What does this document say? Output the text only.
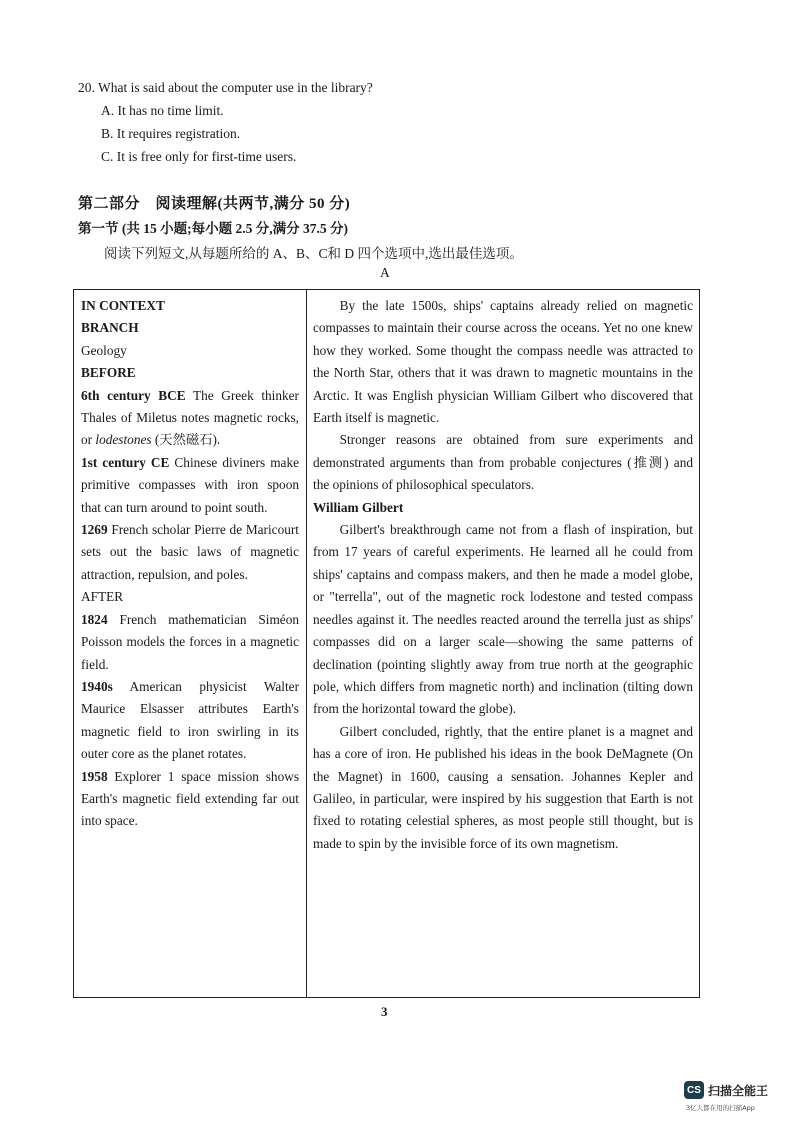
20. What is said about the computer use in the library?
A. It has no time limit.
B. It requires registration.
C. It is free only for first-time users.
第二部分　阅读理解(共两节,满分 50 分)
第一节 (共 15 小题;每小题 2.5 分,满分 37.5 分)
阅读下列短文,从每题所给的 A、B、C和 D 四个选项中,选出最佳选项。
A
IN CONTEXT
BRANCH
Geology
BEFORE
6th century BCE The Greek thinker Thales of Miletus notes magnetic rocks, or lodestones (天然磁石).
1st century CE Chinese diviners make primitive compasses with iron spoon that can turn around to point south.
1269 French scholar Pierre de Maricourt sets out the basic laws of magnetic attraction, repulsion, and poles.
AFTER
1824 French mathematician Siméon Poisson models the forces in a magnetic field.
1940s American physicist Walter Maurice Elsasser attributes Earth's magnetic field to iron swirling in its outer core as the planet rotates.
1958 Explorer 1 space mission shows Earth's magnetic field extending far out into space.

By the late 1500s, ships' captains already relied on magnetic compasses to maintain their course across the oceans. Yet no one knew how they worked. Some thought the compass needle was attracted to the North Star, others that it was drawn to magnetic mountains in the Arctic. It was English physician William Gilbert who discovered that Earth itself is magnetic.

Stronger reasons are obtained from sure experiments and demonstrated arguments than from probable conjectures (推测) and the opinions of philosophical speculators.

William Gilbert

Gilbert's breakthrough came not from a flash of inspiration, but from 17 years of careful experiments. He learned all he could from ships' captains and compass makers, and then he made a model globe, or "terrella", out of the magnetic rock lodestone and tested compass needles against it. The needles reacted around the terrella just as ships' compasses did on a larger scale—showing the same patterns of declination (pointing slightly away from true north at the geographic pole, which differs from magnetic north) and inclination (tilting down from the horizontal toward the globe).

Gilbert concluded, rightly, that the entire planet is a magnet and has a core of iron. He published his ideas in the book DeMagnete (On the Magnet) in 1600, causing a sensation. Johannes Kepler and Galileo, in particular, were inspired by his suggestion that Earth is not fixed to rotating celestial spheres, as most people still thought, but is made to spin by the invisible force of its own magnetism.

3
CS 扫描全能王
3亿人都在用的扫描App
